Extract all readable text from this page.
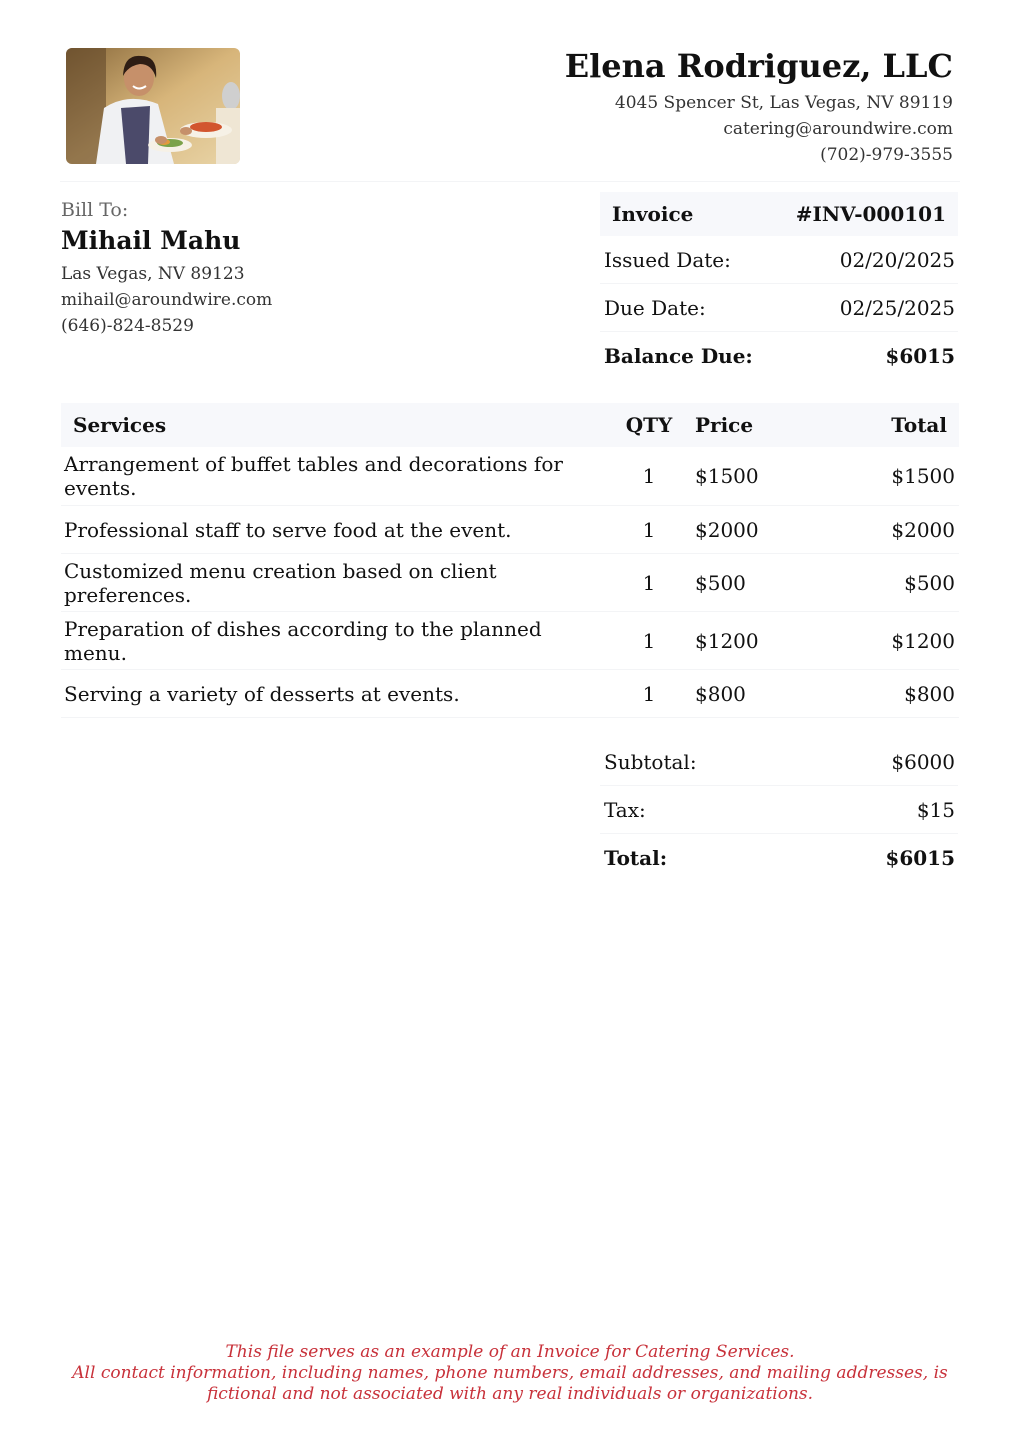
Elena Rodriguez, LLC
4045 Spencer St, Las Vegas, NV 89119
catering@aroundwire.com
(702)-979-3555
Bill To:
Mihail Mahu
Las Vegas, NV 89123
mihail@aroundwire.com
(646)-824-8529
Invoice	#INV-000101
Issued Date:	02/20/2025
Due Date:	02/25/2025
Balance Due:	$6015
Services	QTY	Price	Total
Arrangement of buffet tables and decorations for events.	1	$1500	$1500
Professional staff to serve food at the event.	1	$2000	$2000
Customized menu creation based on client preferences.	1	$500	$500
Preparation of dishes according to the planned menu.	1	$1200	$1200
Serving a variety of desserts at events.	1	$800	$800
Subtotal:	$6000
Tax:	$15
Total:	$6015
This file serves as an example of an Invoice for Catering Services.
All contact information, including names, phone numbers, email addresses, and mailing addresses, is
fictional and not associated with any real individuals or organizations.
